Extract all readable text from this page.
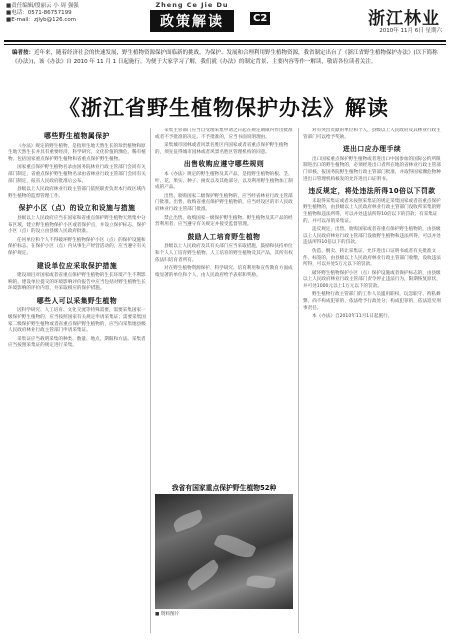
■责任编辑/殷丽云 小 周 强强
■电话：0571-86757199
■E-mail：zjlyb@126.com
Zheng Ce Jie Du
政策解读	C2	浙江林业
2010年 11月 6日 星期六
编者按：近年来，随着经济社会的快速发展，野生植物资源保护面临新的挑战。为保护、发展和合理利用野生植物资源，我省制定出台了《浙江省野生植物保护办法》(以下简称《办法》)，该《办法》自 2010 年 11 月 1 日起施行。为便于大家学习了解，我们就《办法》的制定背景、主要内容等作一解读，敬请各位读者关注。
《浙江省野生植物保护办法》解读
哪些野生植物属保护
《办法》规定的野生植物，是指原生地天然生长的珍贵植物和原生地天然生长并具有重要经济、科学研究、文化价值的濒危、稀有植物。包括国家重点保护野生植物和省重点保护野生植物。
国家重点保护野生植物名录由国务院林业行政主管部门会同有关部门制定，省重点保护野生植物名录由省林业行政主管部门会同有关部门制定，报省人民政府批准后公布。
县级以上人民政府林业行政主管部门依照职责负责本行政区域内野生植物的监督管理工作。
保护小区（点）的设立和设施与措施
县级以上人民政府应当在国家和省重点保护野生植物天然集中分布区域，建立野生植物保护小区或者保护点，并设立保护标志。保护小区（点）的设立由县级人民政府批准。
任何单位和个人不得破坏野生植物保护小区（点）的保护设施和保护标志。在保护小区（点）内从事生产经营活动的，应当遵守有关保护规定。
建设单位应采取保护措施
建设项目对国家或者省重点保护野生植物的生长环境产生不利影响的，建设单位提交的环境影响评价报告中应当包括对野生植物生长环境影响的评价内容，并采取相应的保护措施。
哪些人可以采集野生植物
因科学研究、人工培育、文化交流等特殊需要，需要采集国家一级保护野生植物的，应当按照国家有关规定申请采集证；需要采集国家二级保护野生植物或者省重点保护野生植物的，应当向采集地县级人民政府林业行政主管部门申请采集证。
采集证应当载明采集的种类、数量、地点、期限和方法。采集者应当按照采集证的规定进行采集。
采集主管部门应当自受理采集申请之日起在规定期限内作出批准或者不予批准的决定。不予批准的，应当书面说明理由。
采集城市园林或者风景名胜区内国家或者省重点保护野生植物的，须先征得城市园林或者风景名胜区管理机构的同意。
出售收购应遵守哪些规则
本《办法》规定的野生植物及其产品，是指野生植物的根、茎、叶、花、果实、种子、树皮以及其他部分，以及利用野生植物加工制成的产品。
出售、收购国家二级保护野生植物的，应当经省林业行政主管部门批准。出售、收购省重点保护野生植物的，应当经设区的市人民政府林业行政主管部门批准。
禁止出售、收购国家一级保护野生植物。野生植物及其产品的经营利用者，应当遵守有关规定并接受监督管理。
鼓励人工培育野生植物
县级以上人民政府及其有关部门应当采取措施，鼓励和扶持单位和个人人工培育野生植物。人工培育的野生植物及其产品，其所有权依法归培育者所有。
对在野生植物资源保护、科学研究、培育利用和宣传教育方面成绩显著的单位和个人，由人民政府给予表彰和奖励。
对有突出贡献的单位和个人，县级以上人民政府及其林业行政主管部门可以给予奖励。
进出口应办理手续
出口国家重点保护野生植物或者进出口中国参加的国际公约所限制进出口的野生植物的，必须经进出口者所在地的省林业行政主管部门审核，报国务院野生植物行政主管部门批准，并取得国家濒危物种进出口管理机构核发的允许进出口证明书。
违反规定，将处违法所得10倍以下罚款
未取得采集证或者未按照采集证的规定采集国家或者省重点保护野生植物的，由县级以上人民政府林业行政主管部门没收所采集的野生植物和违法所得，可以并处违法所得10倍以下的罚款；有采集证的，并可以吊销采集证。
违反规定，出售、收购国家或者省重点保护野生植物的，由县级以上人民政府林业行政主管部门没收野生植物和违法所得，可以并处违法所得10倍以下的罚款。
伪造、倒卖、转让采集证、允许进出口证明书或者有关批准文件、标签的，由县级以上人民政府林业行政主管部门收缴，没收违法所得，可以并处5万元以下的罚款。
破坏野生植物保护小区（点）保护设施或者保护标志的，由县级以上人民政府林业行政主管部门责令停止违法行为，限期恢复原状，并可处1000元以上1万元以下的罚款。
野生植物行政主管部门的工作人员滥用职权、玩忽职守、徇私舞弊，尚不构成犯罪的，依法给予行政处分；构成犯罪的，依法追究刑事责任。
本《办法》自2010年11月1日起施行。
■ 资料图片
我省有国家重点保护野生植物52种
